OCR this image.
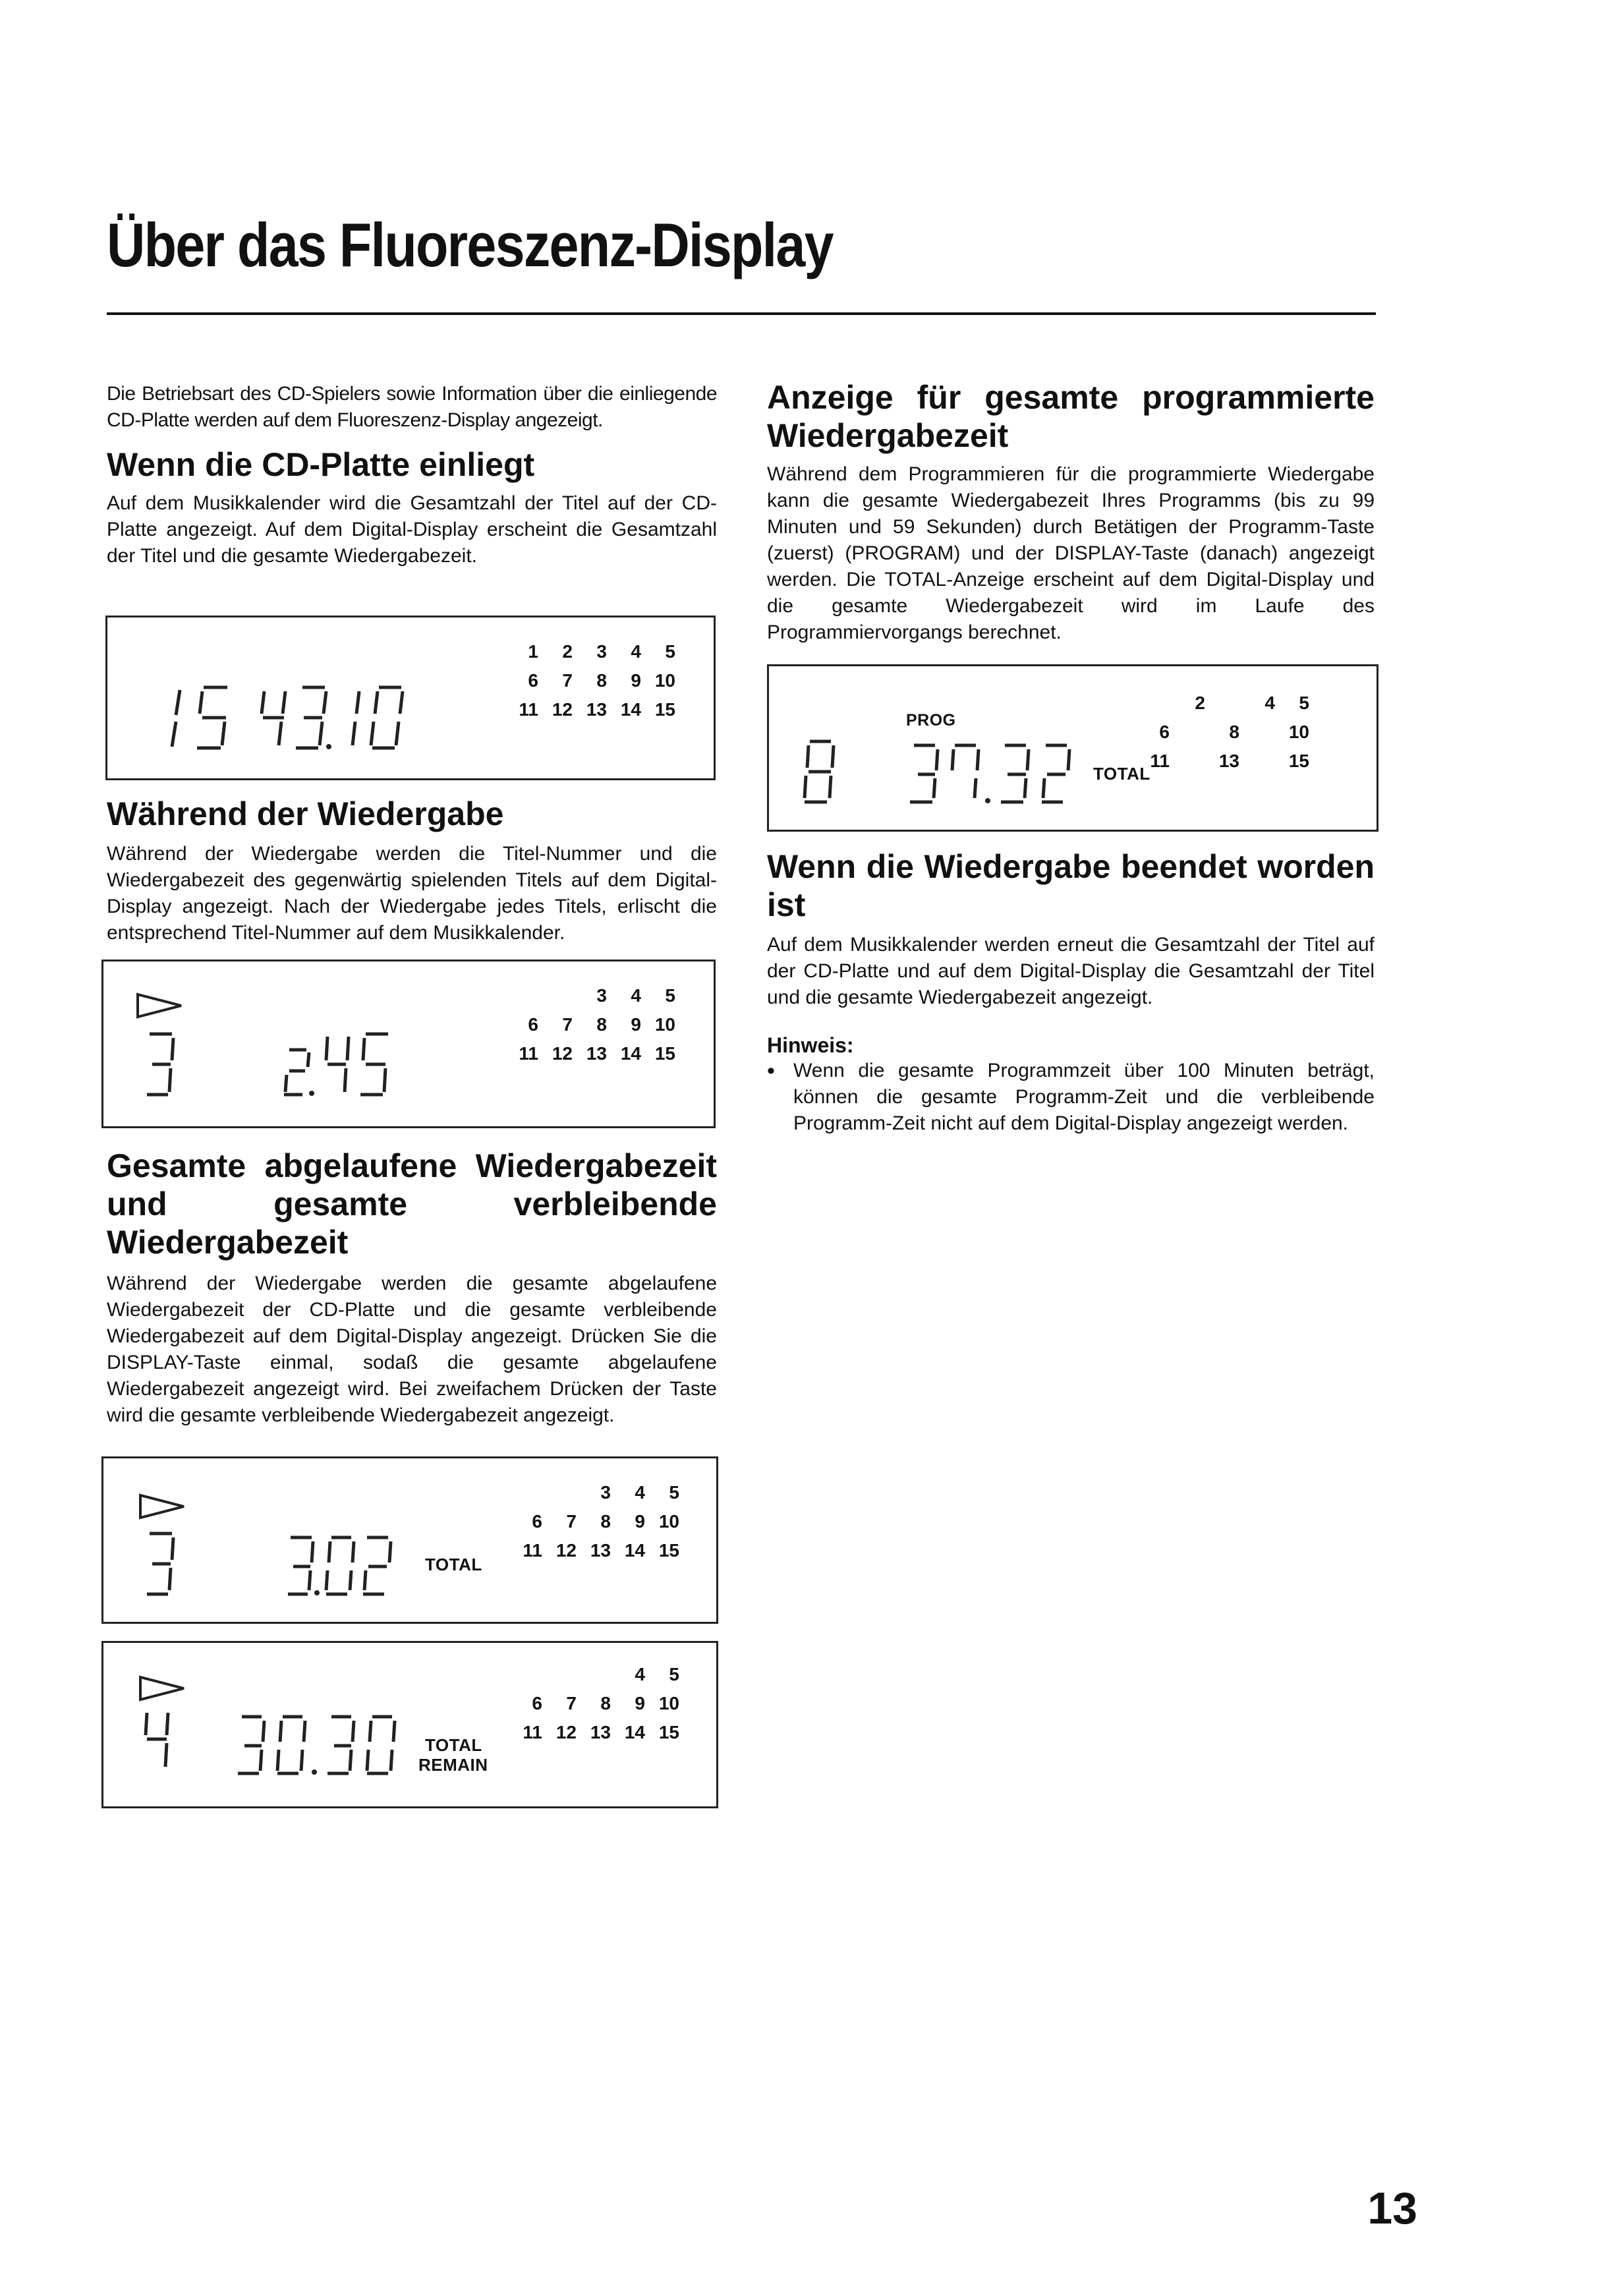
Über das Fluoreszenz-Display

Die Betriebsart des CD-Spielers sowie Information über die einliegende CD-Platte werden auf dem Fluoreszenz-Display angezeigt.

Wenn die CD-Platte einliegt

Auf dem Musikkalender wird die Gesamtzahl der Titel auf der CD-Platte angezeigt. Auf dem Digital-Display erscheint die Gesamtzahl der Titel und die gesamte Wiedergabezeit.

1	2	3	4	5
6	7	8	9 10
11 12 13 14 15
Während der Wiedergabe

Während der Wiedergabe werden die Titel-Nummer und die Wiedergabezeit des gegenwärtig spielenden Titels auf dem Digital-Display angezeigt. Nach der Wiedergabe jedes Titels, erlischt die entsprechend Titel-Nummer auf dem Musikkalender.

3	4	5
6	7	8	9 10
11 12 13 14 15
Gesamte abgelaufene Wiedergabezeit und gesamte verbleibende Wiedergabezeit

Während der Wiedergabe werden die gesamte abgelaufene Wiedergabezeit der CD-Platte und die gesamte verbleibende Wiedergabezeit auf dem Digital-Display angezeigt. Drücken Sie die DISPLAY-Taste einmal, sodaß die gesamte abgelaufene Wiedergabezeit angezeigt wird. Bei zweifachem Drücken der Taste wird die gesamte verbleibende Wiedergabezeit angezeigt.

TOTAL
3	4	5
6	7	8	9 10
11 12 13 14 15
TOTAL
REMAIN
4	5
6	7	8	9 10
11 12 13 14 15
Anzeige für gesamte programmierte Wiedergabezeit

Während dem Programmieren für die programmierte Wiedergabe kann die gesamte Wiedergabezeit Ihres Programms (bis zu 99 Minuten und 59 Sekunden) durch Betätigen der Programm-Taste (zuerst) (PROGRAM) und der DISPLAY-Taste (danach) angezeigt werden. Die TOTAL-Anzeige erscheint auf dem Digital-Display und die gesamte Wiedergabezeit wird im Laufe des Programmiervorgangs berechnet.

PROG
TOTAL
2	4	5
6	8	10
11	13	15
Wenn die Wiedergabe beendet worden ist

Auf dem Musikkalender werden erneut die Gesamtzahl der Titel auf der CD-Platte und auf dem Digital-Display die Gesamtzahl der Titel und die gesamte Wiedergabezeit angezeigt.

Hinweis:

• Wenn die gesamte Programmzeit über 100 Minuten beträgt, können die gesamte Programm-Zeit und die verbleibende Programm-Zeit nicht auf dem Digital-Display angezeigt werden.

13
